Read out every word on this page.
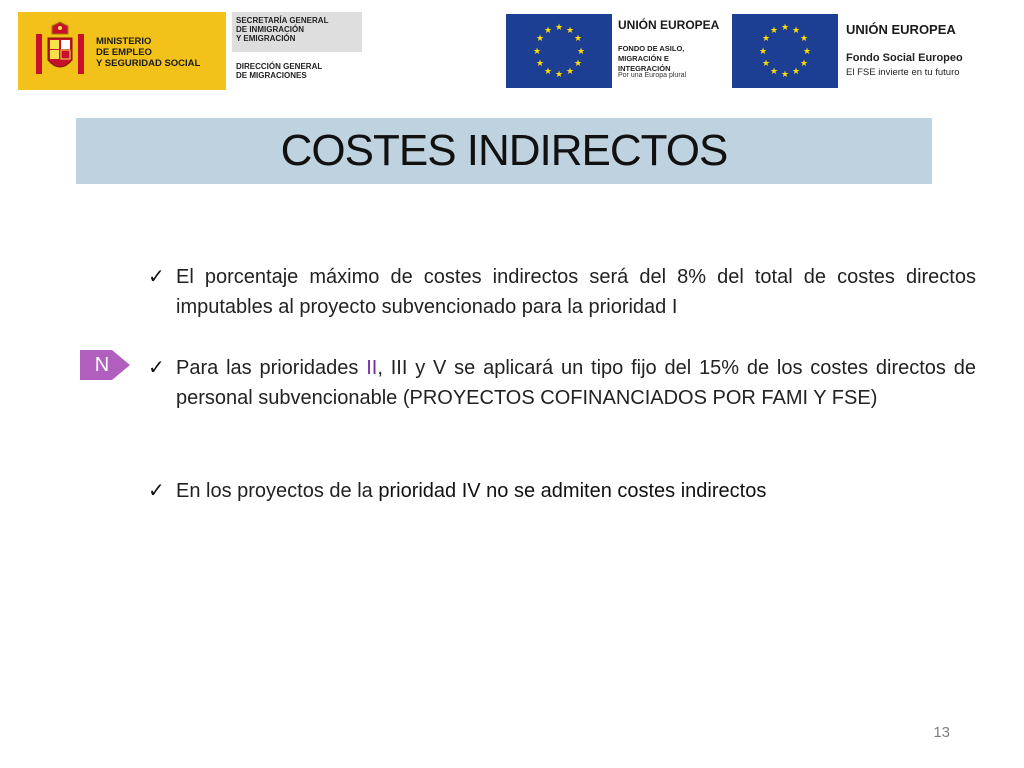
MINISTERIO
DE EMPLEO
Y SEGURIDAD SOCIAL
SECRETARÍA GENERAL
DE INMIGRACIÓN
Y EMIGRACIÓN
DIRECCIÓN GENERAL
DE MIGRACIONES
★ ★
★
★
★
★
★
★
★
★
★
★	UNIÓN EUROPEA
FONDO DE ASILO,
MIGRACIÓN E INTEGRACIÓN
Por una Europa plural
★ ★
★
★
★
★
★
★
★
★
★
★	UNIÓN EUROPEA
Fondo Social Europeo
El FSE invierte en tu futuro
COSTES INDIRECTOS
✓ El porcentaje máximo de costes indirectos será del 8% del total de costes directos imputables al proyecto subvencionado para la prioridad I
N	✓ Para las prioridades II, III y V se aplicará un tipo fijo del 15% de los costes directos de personal subvencionable (PROYECTOS COFINANCIADOS POR FAMI Y FSE)
✓ En los proyectos de la prioridad IV no se admiten costes indirectos
13
